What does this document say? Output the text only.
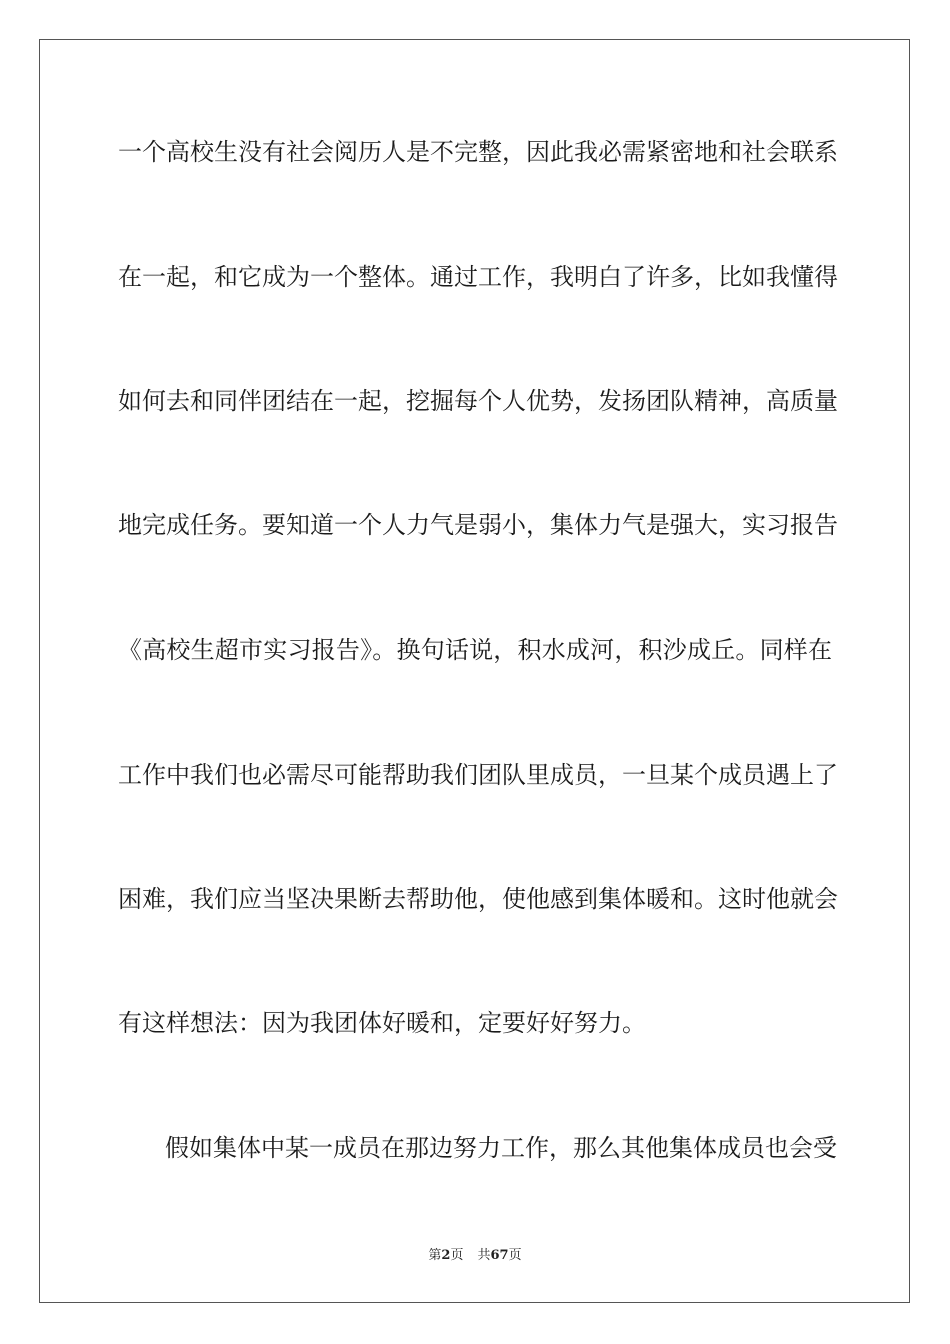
一个高校生没有社会阅历人是不完整，因此我必需紧密地和社会联系
在一起，和它成为一个整体。通过工作，我明白了许多，比如我懂得
如何去和同伴团结在一起，挖掘每个人优势，发扬团队精神，高质量
地完成任务。要知道一个人力气是弱小，集体力气是强大，实习报告
《高校生超市实习报告》。换句话说，积水成河，积沙成丘。同样在
工作中我们也必需尽可能帮助我们团队里成员，一旦某个成员遇上了
困难，我们应当坚决果断去帮助他，使他感到集体暖和。这时他就会
有这样想法：因为我团体好暖和，定要好好努力。
假如集体中某一成员在那边努力工作，那么其他集体成员也会受
第2页 共67页
